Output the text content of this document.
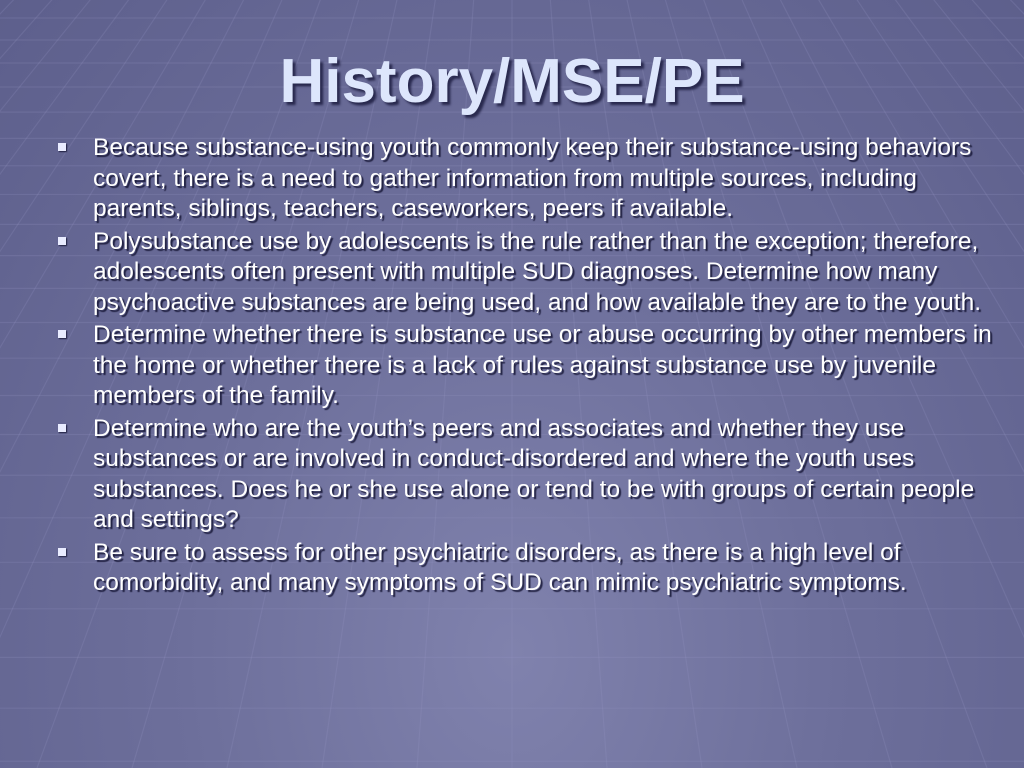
History/MSE/PE
Because substance-using youth commonly keep their substance-using behaviors covert, there is a need to gather information from multiple sources, including parents, siblings, teachers, caseworkers, peers if available.
Polysubstance use by adolescents is the rule rather than the exception; therefore, adolescents often present with multiple SUD diagnoses. Determine how many psychoactive substances are being used, and how available they are to the youth.
Determine whether there is substance use or abuse occurring by other members in the home or whether there is a lack of rules against substance use by juvenile members of the family.
Determine who are the youth’s peers and associates and whether they use substances or are involved in conduct-disordered and where the youth uses substances. Does he or she use alone or tend to be with groups of certain people and settings?
Be sure to assess for other psychiatric disorders, as there is a high level of comorbidity, and many symptoms of SUD can mimic psychiatric symptoms.
